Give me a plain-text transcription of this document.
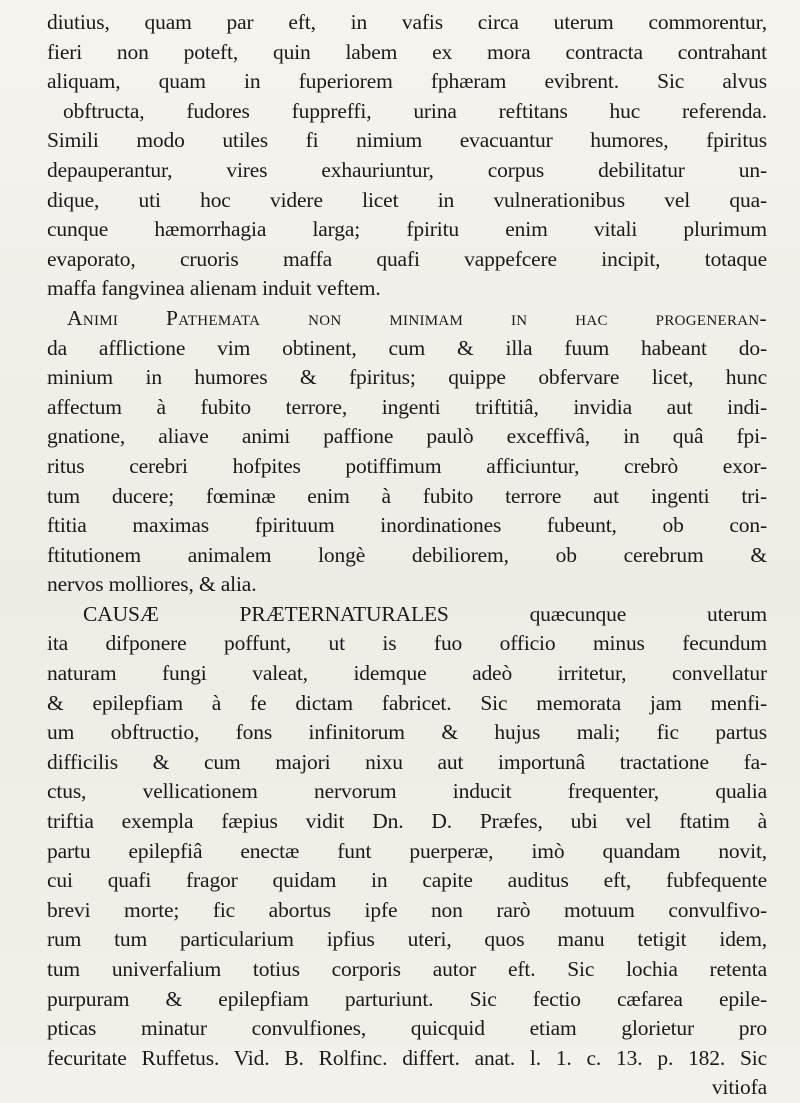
diutius, quam par eft, in vafis circa uterum commorentur,
fieri non poteft, quin labem ex mora contracta contrahant
aliquam, quam in fuperiorem fphæram evibrent. Sic alvus
obftructa, fudores fuppreffi, urina reftitans huc referenda.
Simili modo utiles fi nimium evacuantur humores, fpiritus
depauperantur, vires exhauriuntur, corpus debilitatur un-
dique, uti hoc videre licet in vulnerationibus vel qua-
cunque hæmorrhagia larga; fpiritu enim vitali plurimum
evaporato, cruoris maffa quafi vappefcere incipit, totaque
maffa fangvinea alienam induit veftem.
Animi Pathemata non minimam in hac progeneran-
da afflictione vim obtinent, cum & illa fuum habeant do-
minium in humores & fpiritus; quippe obfervare licet, hunc
affectum à fubito terrore, ingenti triftitiâ, invidia aut indi-
gnatione, aliave animi paffione paulò exceffivâ, in quâ fpi-
ritus cerebri hofpites potiffimum afficiuntur, crebrò exor-
tum ducere; fœminæ enim à fubito terrore aut ingenti tri-
ftitia maximas fpirituum inordinationes fubeunt, ob con-
ftitutionem animalem longè debiliorem, ob cerebrum &
nervos molliores, & alia.
CAUSÆ PRÆTERNATURALES quæcunque uterum
ita difponere poffunt, ut is fuo officio minus fecundum
naturam fungi valeat, idemque adeò irritetur, convellatur
& epilepfiam à fe dictam fabricet. Sic memorata jam menfi-
um obftructio, fons infinitorum & hujus mali; fic partus
difficilis & cum majori nixu aut importunâ tractatione fa-
ctus, vellicationem nervorum inducit frequenter, qualia
triftia exempla fæpius vidit Dn. D. Præfes, ubi vel ftatim à
partu epilepfiâ enectæ funt puerperæ, imò quandam novit,
cui quafi fragor quidam in capite auditus eft, fubfequente
brevi morte; fic abortus ipfe non rarò motuum convulfivo-
rum tum particularium ipfius uteri, quos manu tetigit idem,
tum univerfalium totius corporis autor eft. Sic lochia retenta
purpuram & epilepfiam parturiunt. Sic fectio cæfarea epile-
pticas minatur convulfiones, quicquid etiam glorietur pro
fecuritate Ruffetus. Vid. B. Rolfinc. differt. anat. l. 1. c. 13. p. 182. Sic
vitiofa
